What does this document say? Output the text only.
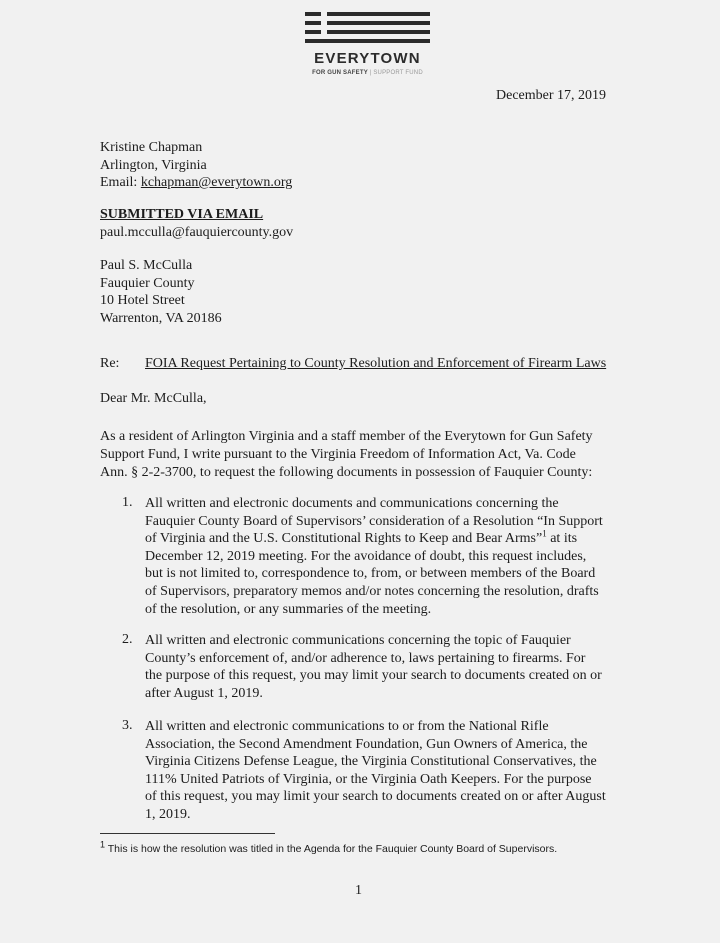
EVERYTOWN
FOR GUN SAFETY | SUPPORT FUND
December 17, 2019
Kristine Chapman
Arlington, Virginia
Email: kchapman@everytown.org
SUBMITTED VIA EMAIL
paul.mcculla@fauquiercounty.gov
Paul S. McCulla
Fauquier County
10 Hotel Street
Warrenton, VA 20186
Re: FOIA Request Pertaining to County Resolution and Enforcement of Firearm Laws
Dear Mr. McCulla,
As a resident of Arlington Virginia and a staff member of the Everytown for Gun Safety
Support Fund, I write pursuant to the Virginia Freedom of Information Act, Va. Code
Ann. § 2-2-3700, to request the following documents in possession of Fauquier County:
1. All written and electronic documents and communications concerning the
Fauquier County Board of Supervisors’ consideration of a Resolution “In Support
of Virginia and the U.S. Constitutional Rights to Keep and Bear Arms”$^1$ at its
December 12, 2019 meeting. For the avoidance of doubt, this request includes,
but is not limited to, correspondence to, from, or between members of the Board
of Supervisors, preparatory memos and/or notes concerning the resolution, drafts
of the resolution, or any summaries of the meeting.
2. All written and electronic communications concerning the topic of Fauquier
County’s enforcement of, and/or adherence to, laws pertaining to firearms. For
the purpose of this request, you may limit your search to documents created on or
after August 1, 2019.
3. All written and electronic communications to or from the National Rifle
Association, the Second Amendment Foundation, Gun Owners of America, the
Virginia Citizens Defense League, the Virginia Constitutional Conservatives, the
111% United Patriots of Virginia, or the Virginia Oath Keepers. For the purpose
of this request, you may limit your search to documents created on or after August
1, 2019.
$^1$ This is how the resolution was titled in the Agenda for the Fauquier County Board of Supervisors.
1
